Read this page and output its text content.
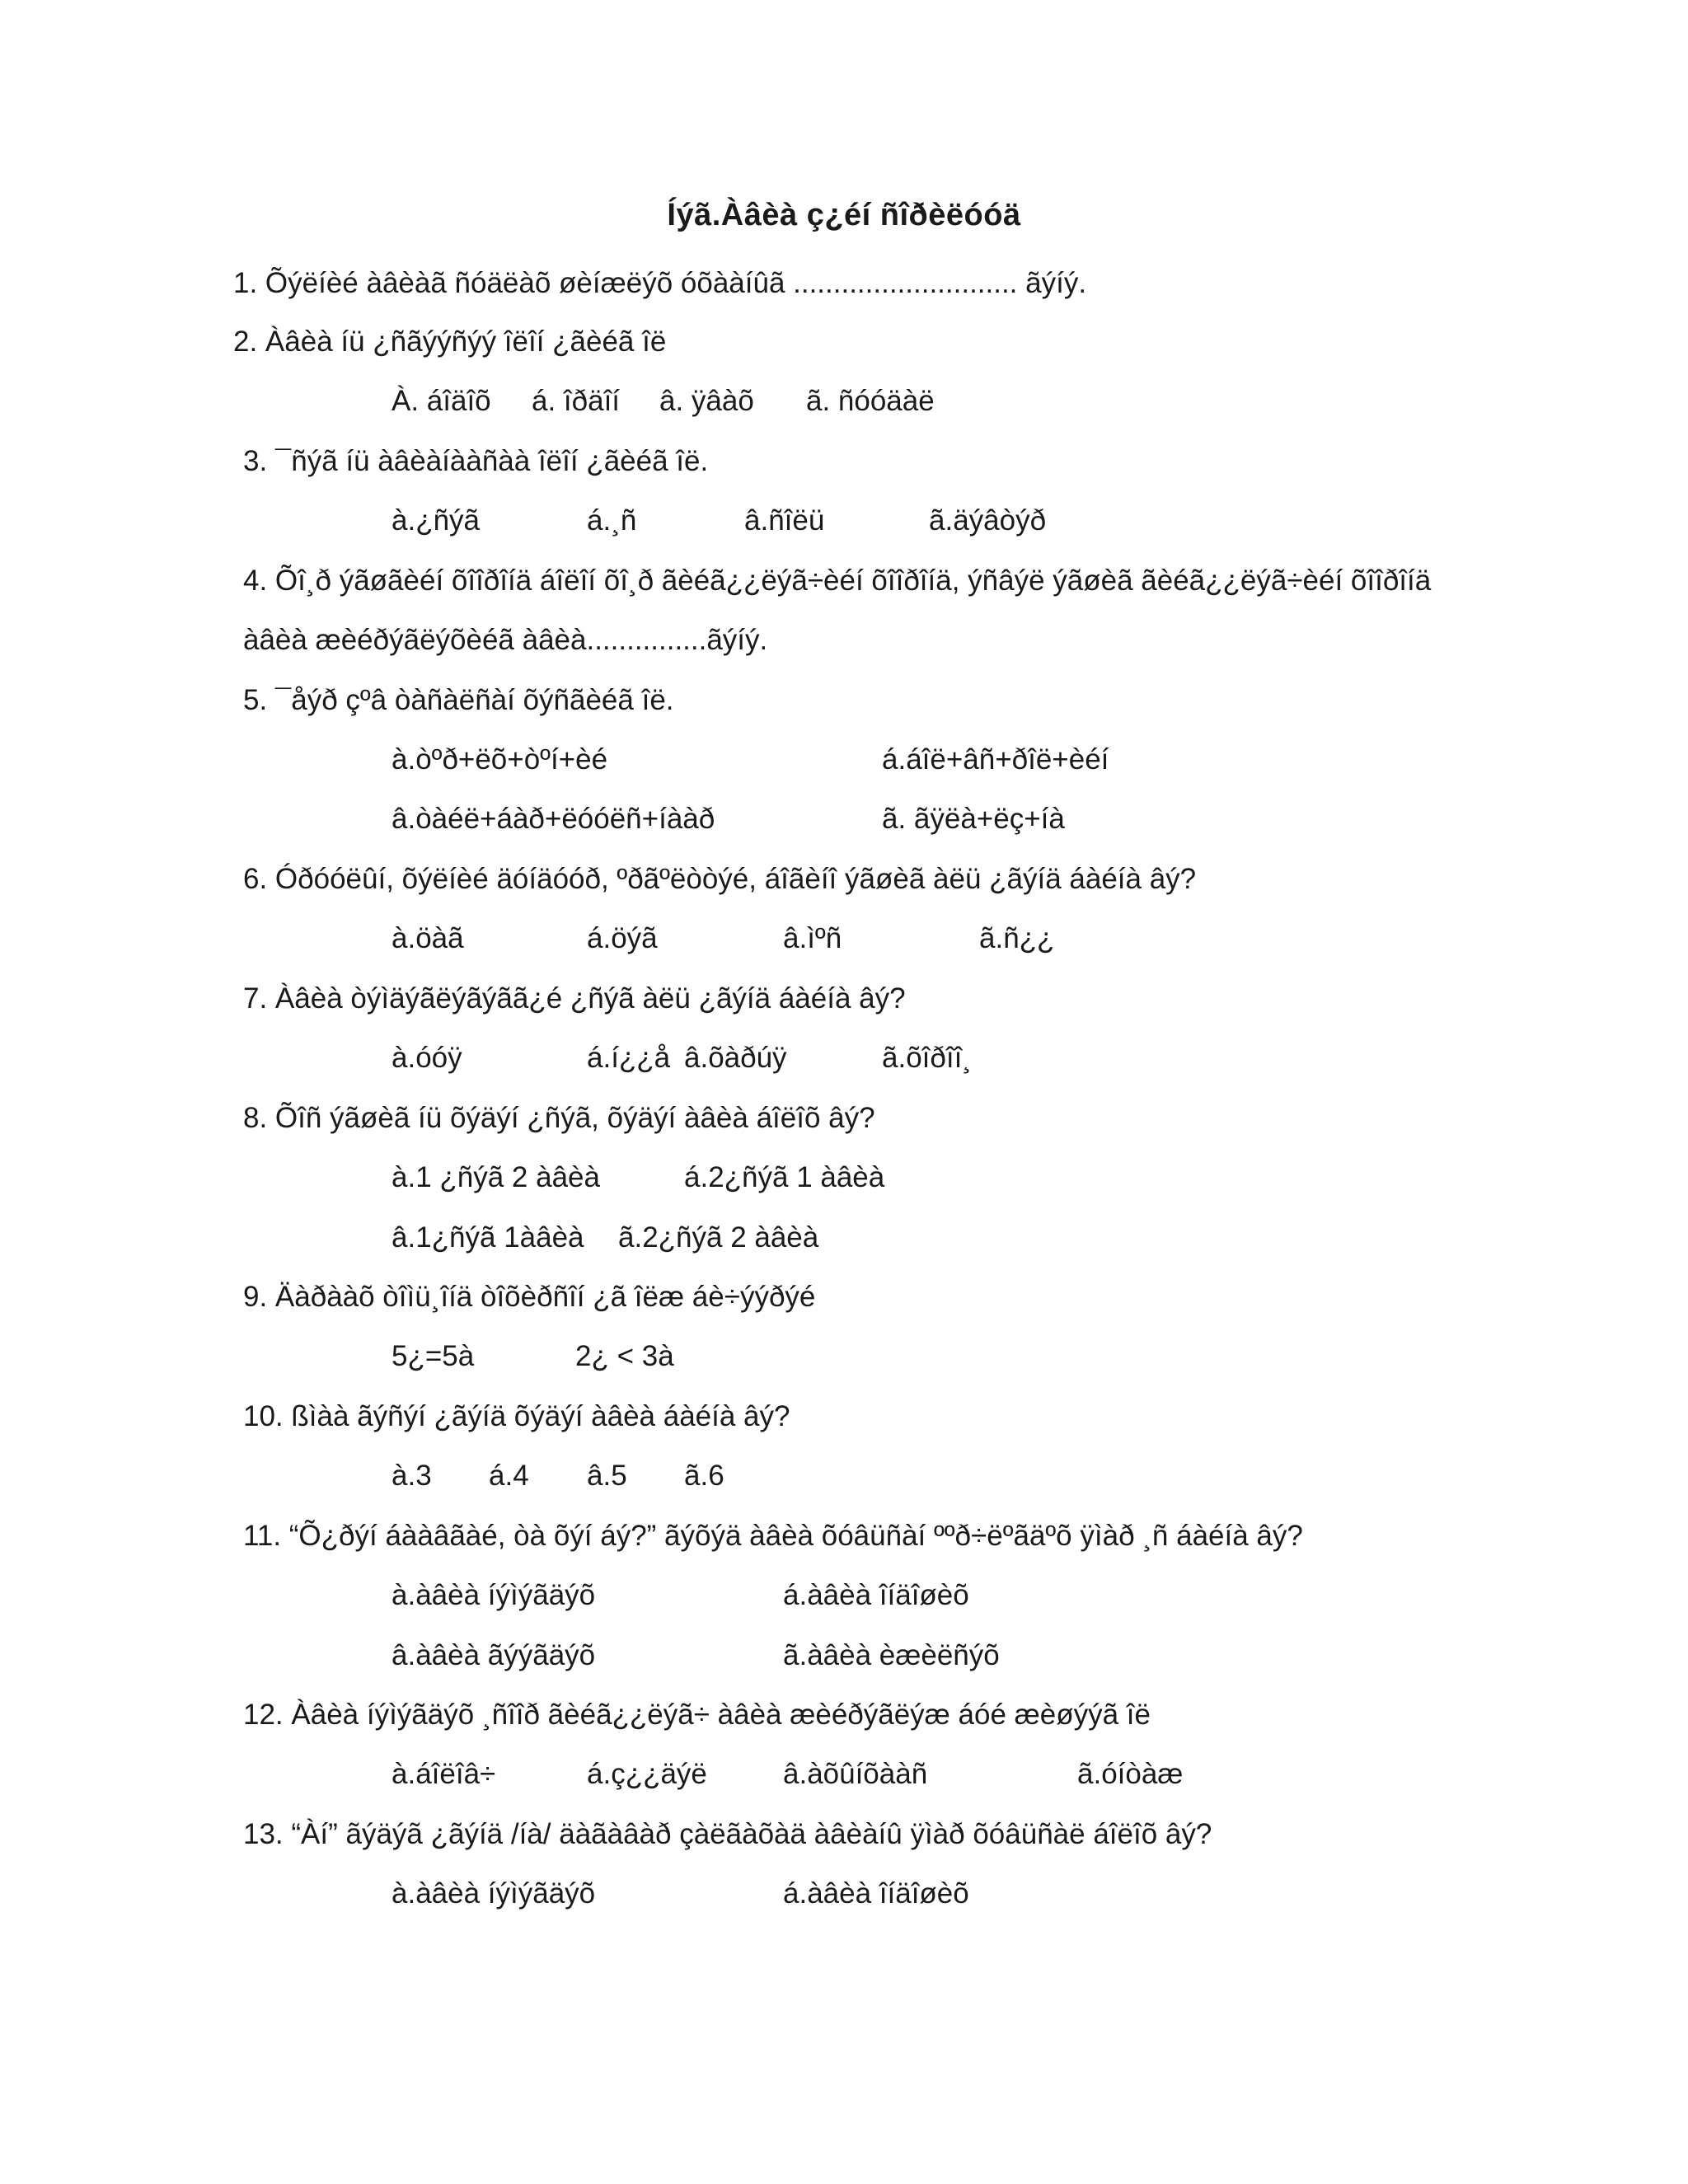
Íýã.Àâèà ç¿éí ñîðèëóóä
1. Õýëíèé àâèàã ñóäëàõ øèíæëýõ óõààíûã ............................ ãýíý.
2. Àâèà íü ¿ñãýýñýý îëîí ¿ãèéã îë
À. áîäîõ á. îðäîí â. ÿâàõ ã. ñóóäàë
3. ¯ñýã íü àâèàíààñàà îëîí ¿ãèéã îë.
à.¿ñýã	á.¸ñ	â.ñîëü	ã.äýâòýð
4. Õî¸ð ýãøãèéí õîîðîíä áîëîí õî¸ð ãèéã¿¿ëýã÷èéí õîîðîíä, ýñâýë ýãøèã ãèéã¿¿ëýã÷èéí õîîðîíä
àâèà æèéðýãëýõèéã àâèà...............ãýíý.
5. ¯åýð çºâ òàñàëñàí õýñãèéã îë.
à.òºð+ëõ+òºí+èé	á.áîë+âñ+ðîë+èéí
â.òàéë+áàð+ëóóëñ+íààð	ã. ãÿëà+ëç+íà
6. Óðóóëûí, õýëíèé äóíäóóð, ºðãºëòòýé, áîãèíî ýãøèã àëü ¿ãýíä áàéíà âý?
à.öàã	á.öýã	â.ìºñ	ã.ñ¿¿
7. Àâèà òýìäýãëýãýãã¿é ¿ñýã àëü ¿ãýíä áàéíà âý?
à.óóÿ	á.í¿¿å â.õàðúÿ	ã.õîðîî¸
8. Õîñ ýãøèã íü õýäýí ¿ñýã, õýäýí àâèà áîëîõ âý?
à.1 ¿ñýã 2 àâèà	á.2¿ñýã 1 àâèà
â.1¿ñýã 1àâèà ã.2¿ñýã 2 àâèà
9. Äàðààõ òîìü¸îíä òîõèðñîí ¿ã îëæ áè÷ýýðýé
5¿=5à	2¿ < 3à
10. ßìàà ãýñýí ¿ãýíä õýäýí àâèà áàéíà âý?
à.3 á.4 â.5 ã.6
11. “Õ¿ðýí áààâãàé, òà õýí áý?” ãýõýä àâèà õóâüñàí ººð÷ëºãäºõ ÿìàð ¸ñ áàéíà âý?
à.àâèà íýìýãäýõ	á.àâèà îíäîøèõ
â.àâèà ãýýãäýõ	ã.àâèà èæèëñýõ
12. Àâèà íýìýãäýõ ¸ñîîð ãèéã¿¿ëýã÷ àâèà æèéðýãëýæ áóé æèøýýã îë
à.áîëîâ÷	á.ç¿¿äýë	â.àõûíõààñ	ã.óíòàæ
13. “Àí” ãýäýã ¿ãýíä /íà/ äàãàâàð çàëãàõàä àâèàíû ÿìàð õóâüñàë áîëîõ âý?
à.àâèà íýìýãäýõ	á.àâèà îíäîøèõ
